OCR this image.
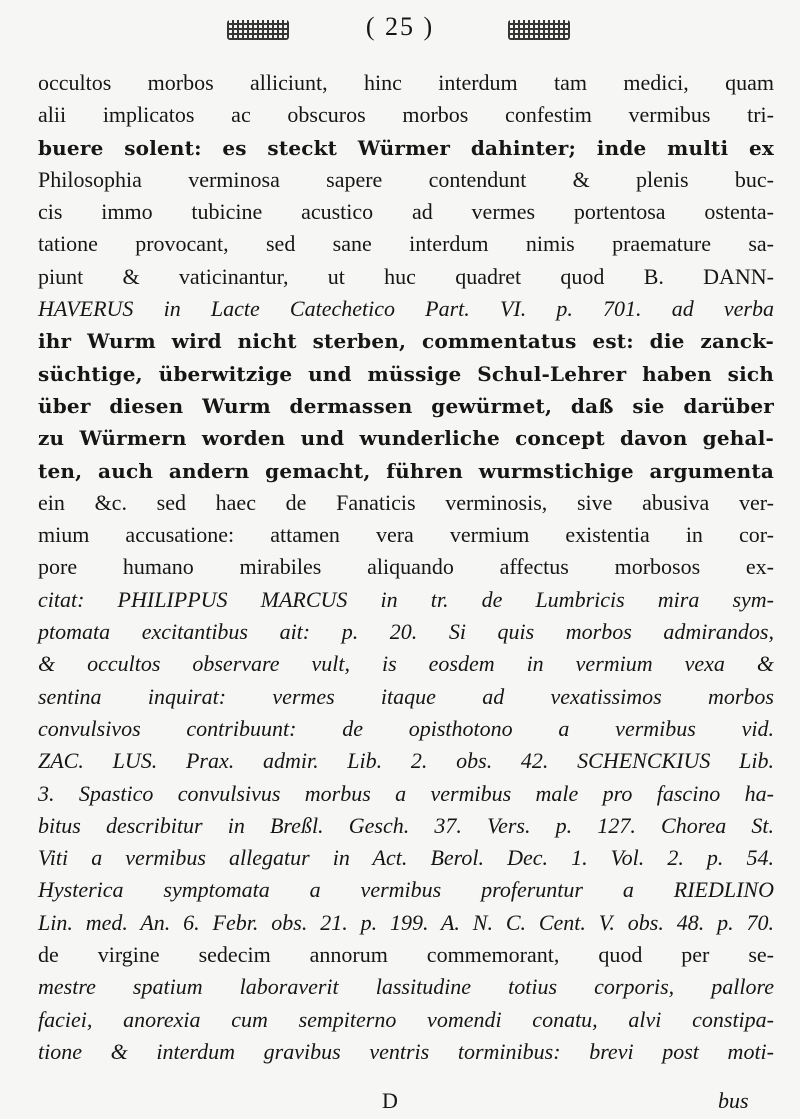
( 25 )
occultos morbos alliciunt, hinc interdum tam medici, quam
alii implicatos ac obscuros morbos confestim vermibus tri-
buere solent: es steckt Würmer dahinter; inde multi ex
Philosophia verminosa sapere contendunt & plenis buc-
cis immo tubicine acustico ad vermes portentosa ostenta-
tatione provocant, sed sane interdum nimis praemature sa-
piunt & vaticinantur, ut huc quadret quod B. DANN-
HAVERUS in Lacte Catechetico Part. VI. p. 701. ad verba
ihr Wurm wird nicht sterben, commentatus est: die zanck-
süchtige, überwitzige und müssige Schul-Lehrer haben sich
über diesen Wurm dermassen gewürmet, daß sie darüber
zu Würmern worden und wunderliche concept davon gehal-
ten, auch andern gemacht, führen wurmstichige argumenta
ein &c. sed haec de Fanaticis verminosis, sive abusiva ver-
mium accusatione: attamen vera vermium existentia in cor-
pore humano mirabiles aliquando affectus morbosos ex-
citat: PHILIPPUS MARCUS in tr. de Lumbricis mira sym-
ptomata excitantibus ait: p. 20. Si quis morbos admirandos,
& occultos observare vult, is eosdem in vermium vexa &
sentina inquirat: vermes itaque ad vexatissimos morbos
convulsivos contribuunt: de opisthotono a vermibus vid.
ZAC. LUS. Prax. admir. Lib. 2. obs. 42. SCHENCKIUS Lib.
3. Spastico convulsivus morbus a vermibus male pro fascino ha-
bitus describitur in Breßl. Gesch. 37. Vers. p. 127. Chorea St.
Viti a vermibus allegatur in Act. Berol. Dec. 1. Vol. 2. p. 54.
Hysterica symptomata a vermibus proferuntur a RIEDLINO
Lin. med. An. 6. Febr. obs. 21. p. 199. A. N. C. Cent. V. obs. 48. p. 70.
de virgine sedecim annorum commemorant, quod per se-
mestre spatium laboraverit lassitudine totius corporis, pallore
faciei, anorexia cum sempiterno vomendi conatu, alvi constipa-
tione & interdum gravibus ventris torminibus: brevi post moti-
D	bus
